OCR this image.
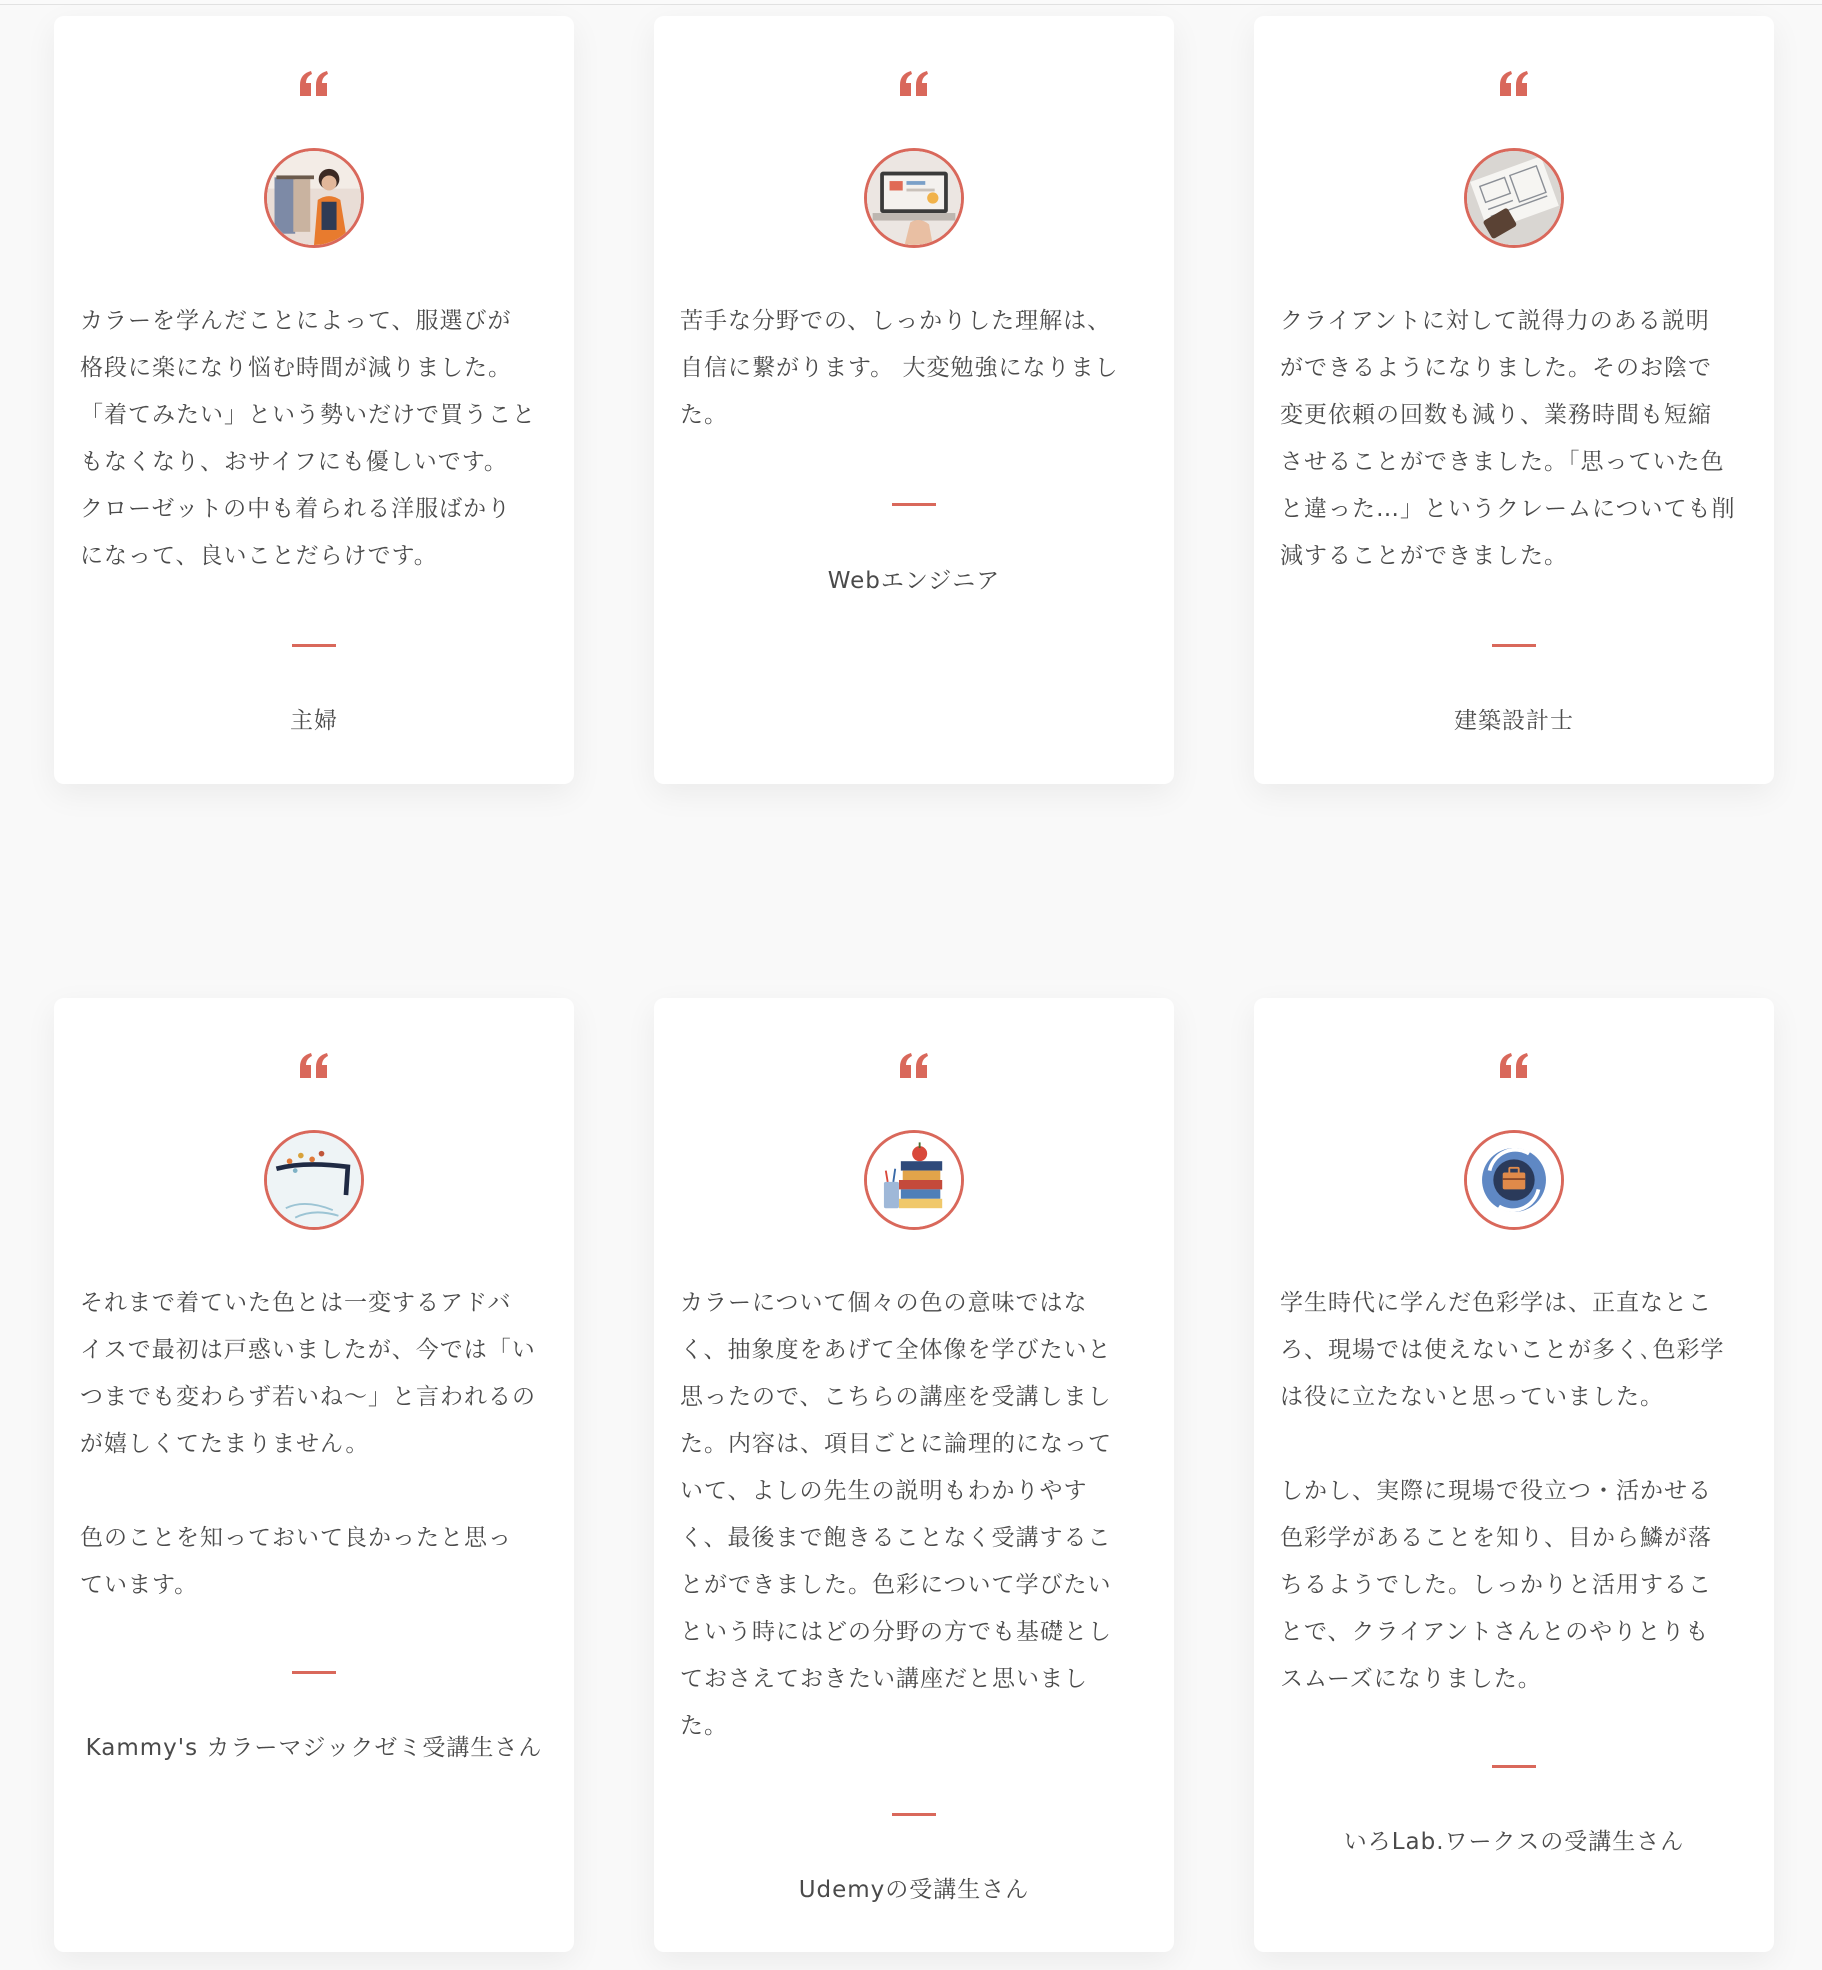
カラーを学んだことによって、服選びが
格段に楽になり悩む時間が減りました。
「着てみたい」という勢いだけで買うこと
もなくなり、おサイフにも優しいです。
クローゼットの中も着られる洋服ばかり
になって、良いことだらけです。

主婦

苦手な分野での、しっかりした理解は、
自信に繋がります。 大変勉強になりまし
た。

Webエンジニア

クライアントに対して説得力のある説明
ができるようになりました。そのお陰で
変更依頼の回数も減り、業務時間も短縮
させることができました。「思っていた色
と違った…」というクレームについても削
減することができました。

建築設計士

それまで着ていた色とは一変するアドバ
イスで最初は戸惑いましたが、今では「い
つまでも変わらず若いね〜」と言われるの
が嬉しくてたまりません。

色のことを知っておいて良かったと思っ
ています。

Kammy's カラーマジックゼミ受講生さん

カラーについて個々の色の意味ではな
く、抽象度をあげて全体像を学びたいと
思ったので、こちらの講座を受講しまし
た。内容は、項目ごとに論理的になって
いて、よしの先生の説明もわかりやす
く、最後まで飽きることなく受講するこ
とができました。色彩について学びたい
という時にはどの分野の方でも基礎とし
ておさえておきたい講座だと思いまし
た。

Udemyの受講生さん

学生時代に学んだ色彩学は、正直なとこ
ろ、現場では使えないことが多く､色彩学
は役に立たないと思っていました。

しかし、実際に現場で役立つ・活かせる
色彩学があることを知り、目から鱗が落
ちるようでした。しっかりと活用するこ
とで、クライアントさんとのやりとりも
スムーズになりました。

いろLab.ワークスの受講生さん
